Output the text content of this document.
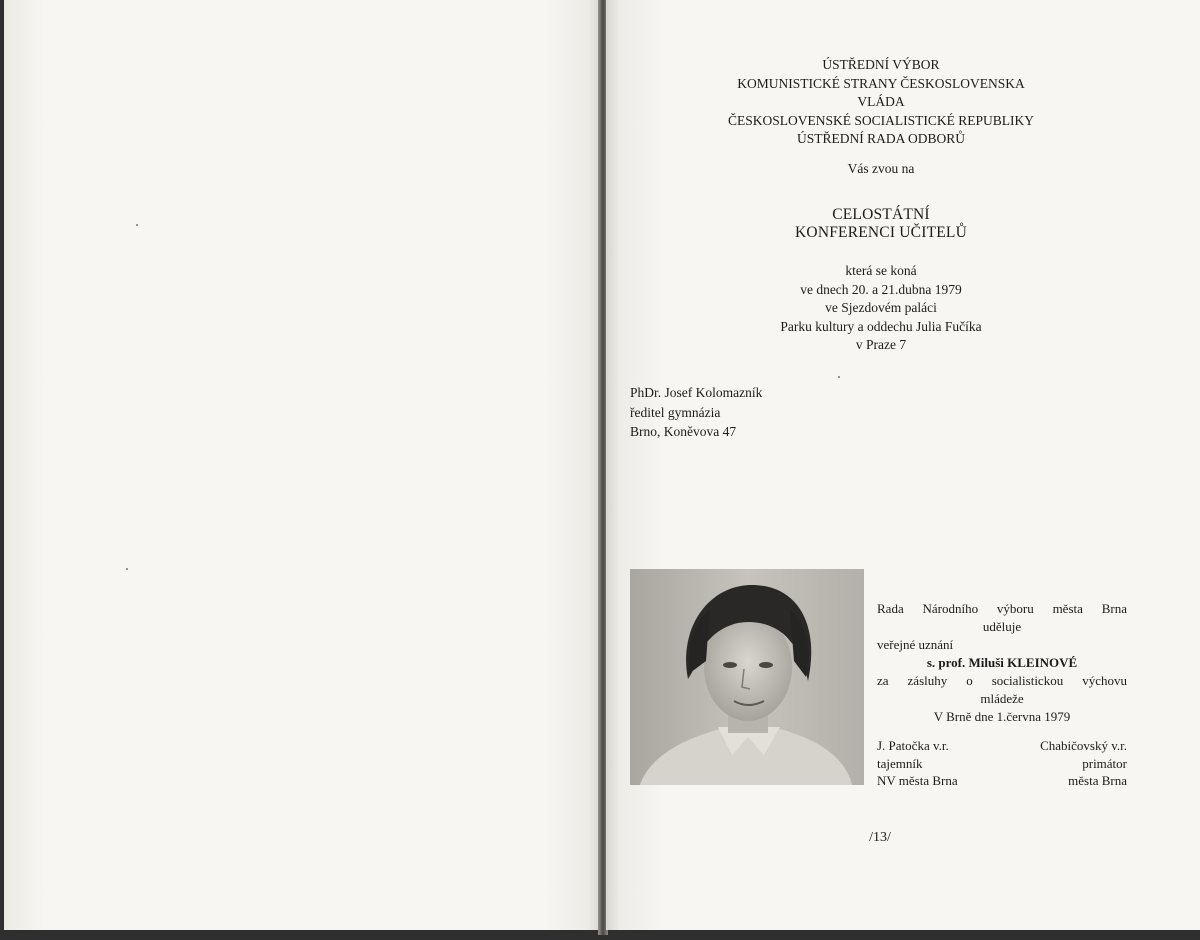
ÚSTŘEDNÍ VÝBOR
KOMUNISTICKÉ STRANY ČESKOSLOVENSKA
VLÁDA
ČESKOSLOVENSKÉ SOCIALISTICKÉ REPUBLIKY
ÚSTŘEDNÍ RADA ODBORŮ
Vás zvou na
CELOSTÁTNÍ
KONFERENCI UČITELŮ
která se koná
ve dnech 20. a 21.dubna 1979
ve Sjezdovém paláci
Parku kultury a oddechu Julia Fučíka
v Praze 7
PhDr. Josef Kolomazník
ředitel gymnázia
Brno, Koněvova 47
Rada Národního výboru města Brna
uděluje
veřejné uznání
s. prof. Miluši KLEINOVÉ
za zásluhy o socialistickou výchovu
mládeže
V Brně dne 1.června 1979
J. Patočka v.r.
tajemník
NV města Brna
Chabičovský v.r.
primátor
města Brna
/13/
